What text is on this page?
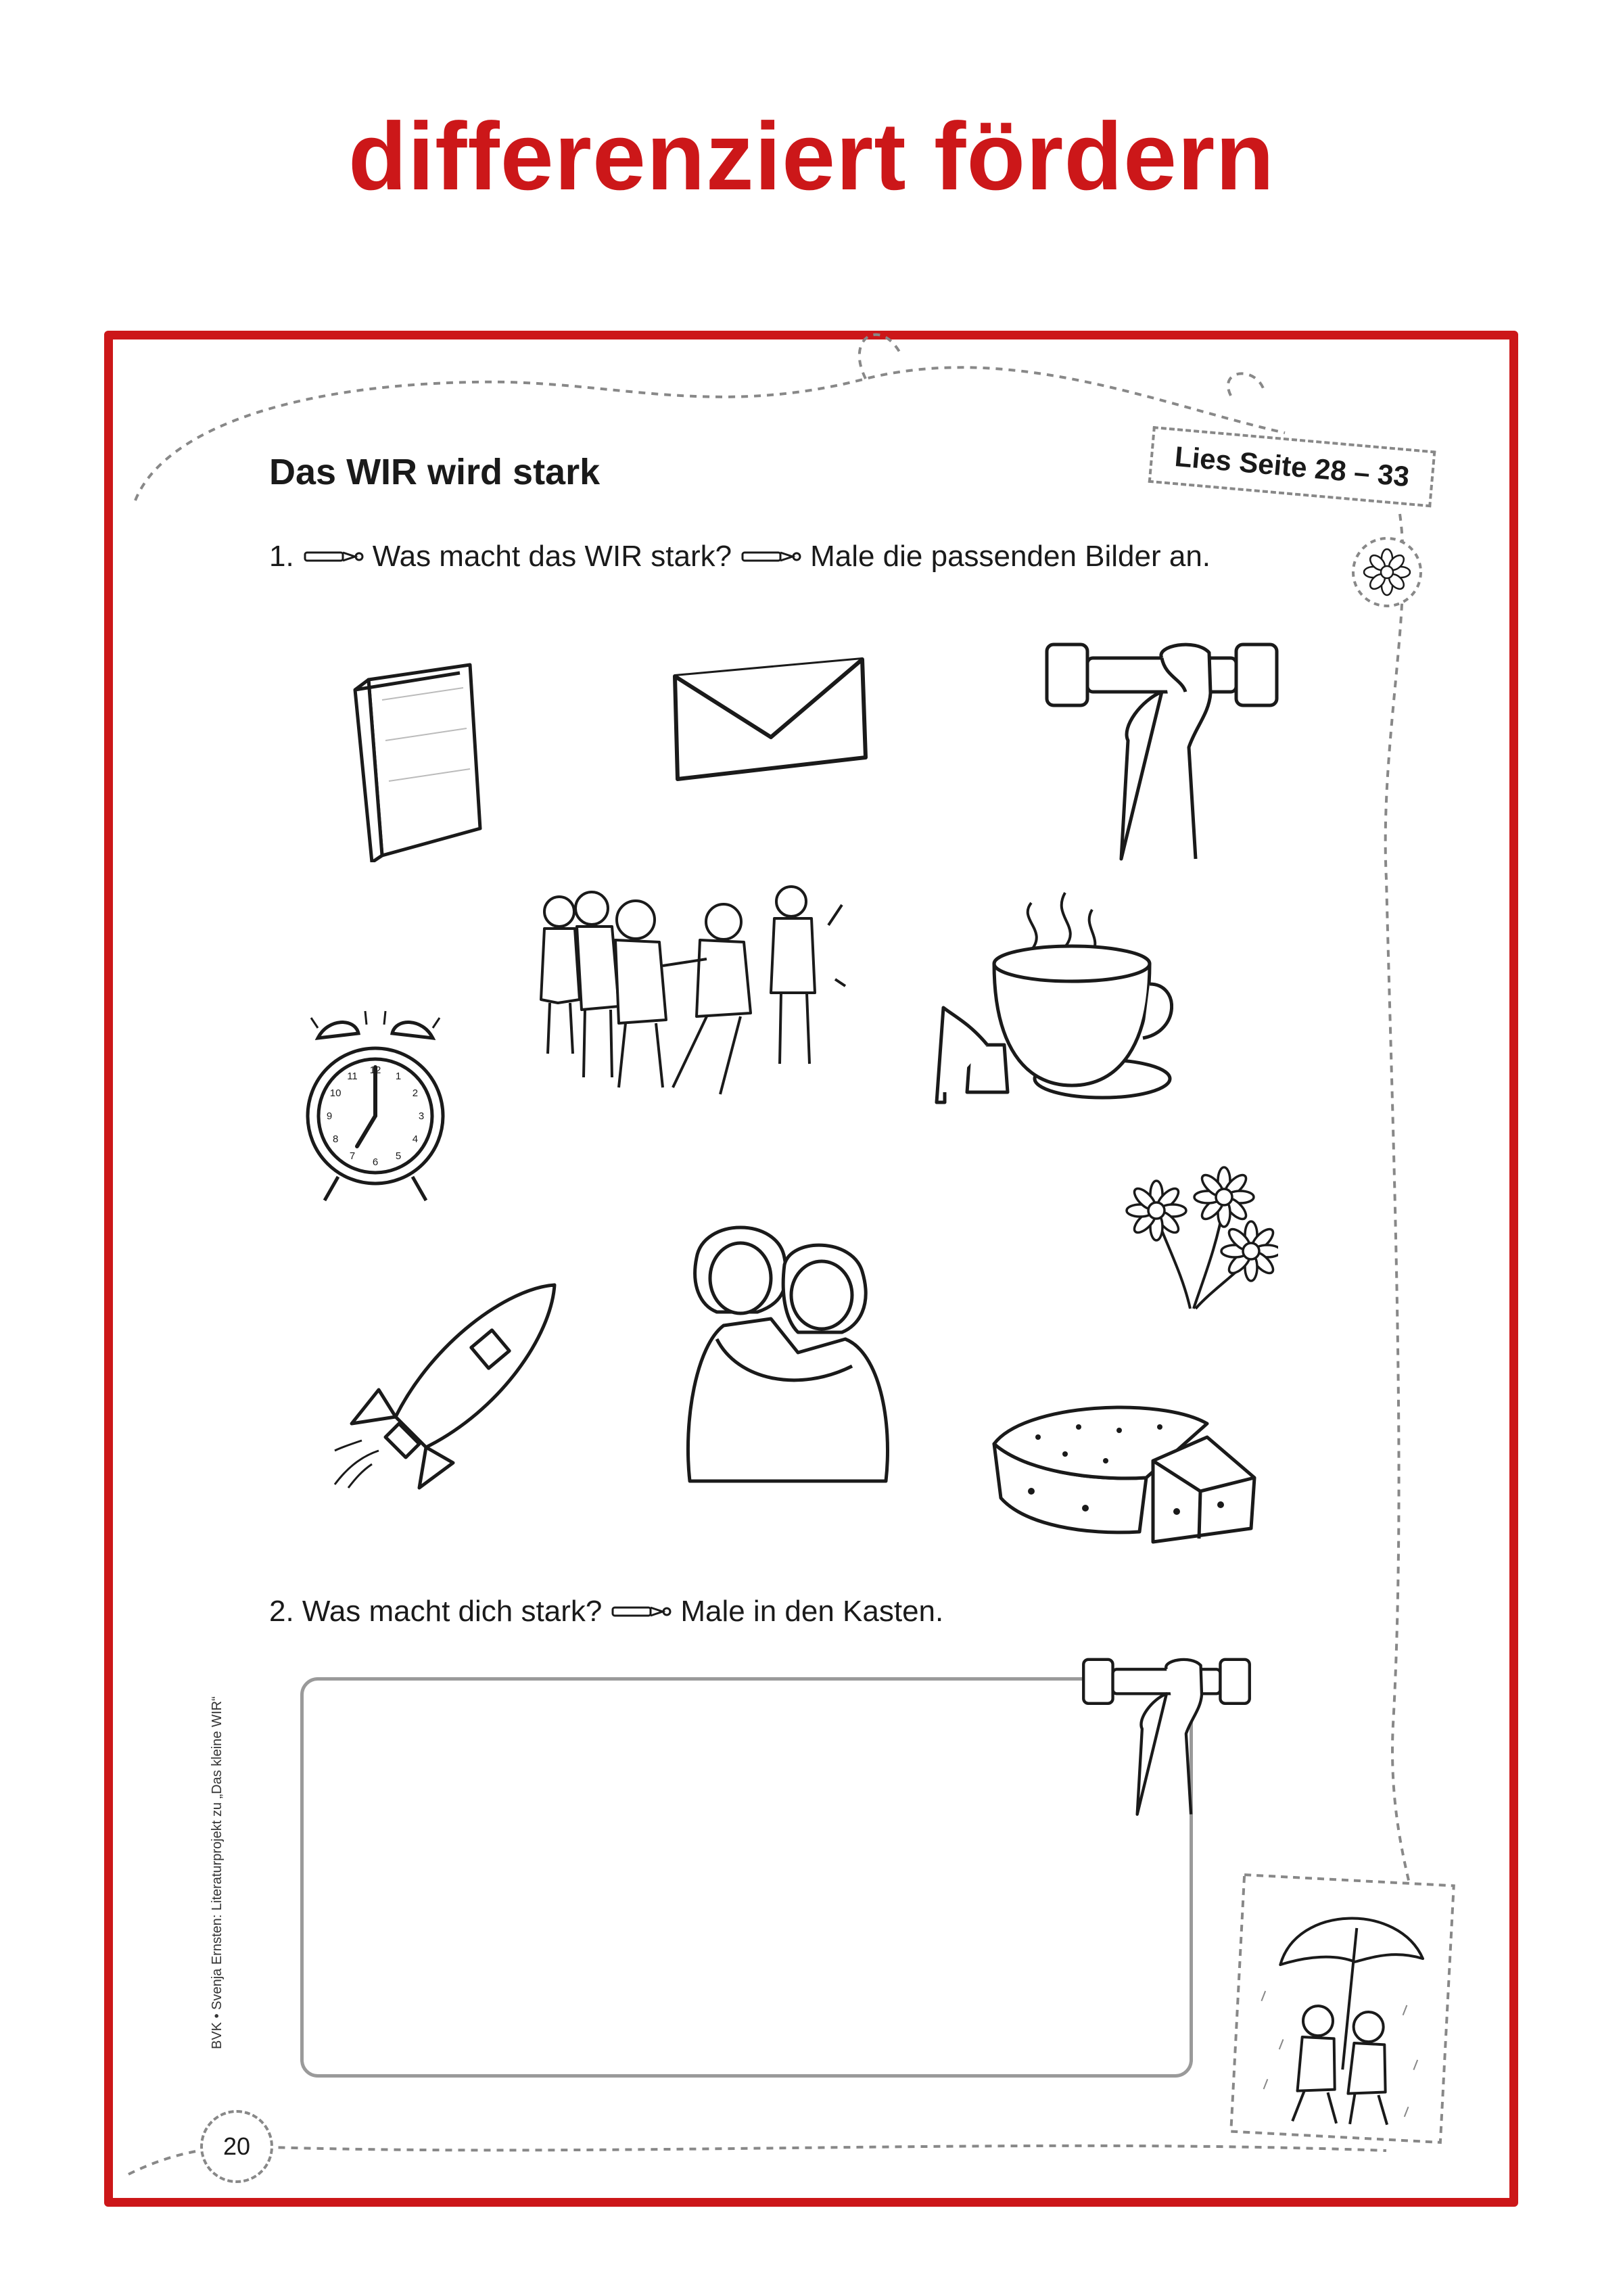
differenziert fördern
Lies Seite 28 – 33
Das WIR wird stark
1.	Was macht das WIR stark?	Male die passenden Bilder an.
12
1
2
3
4
5
6
7
8
9
10
11
2. Was macht dich stark?	Male in den Kasten.
20
BVK • Svenja Ernsten: Literaturprojekt zu „Das kleine WIR“
